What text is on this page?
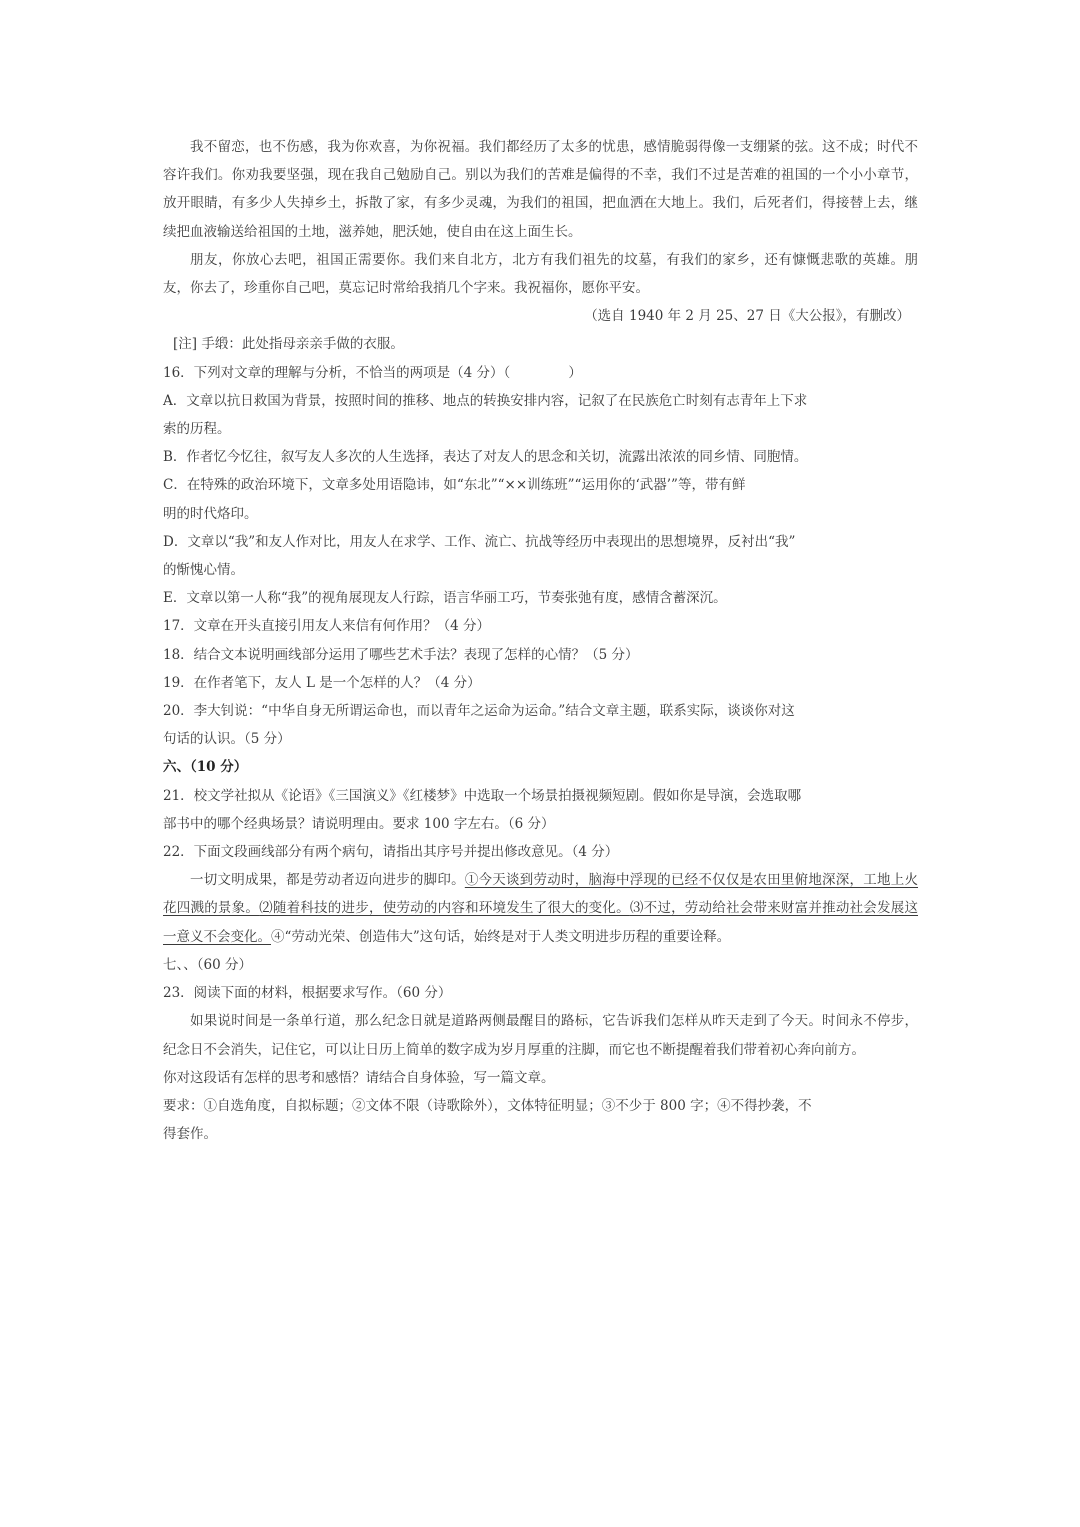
我不留恋，也不伤感，我为你欢喜，为你祝福。我们都经历了太多的忧患，感情脆弱得像一支绷紧的弦。这不成；时代不容许我们。你劝我要坚强，现在我自己勉励自己。别以为我们的苦难是偏得的不幸，我们不过是苦难的祖国的一个小小章节，放开眼睛，有多少人失掉乡土，拆散了家，有多少灵魂，为我们的祖国，把血洒在大地上。我们，后死者们，得接替上去，继续把血液输送给祖国的土地，滋养她，肥沃她，使自由在这上面生长。

朋友，你放心去吧，祖国正需要你。我们来自北方，北方有我们祖先的坟墓，有我们的家乡，还有慷慨悲歌的英雄。朋友，你去了，珍重你自己吧，莫忘记时常给我捎几个字来。我祝福你，愿你平安。

（选自 1940 年 2 月 25、27 日《大公报》，有删改）

[注] 手缎：此处指母亲亲手做的衣服。

16．下列对文章的理解与分析，不恰当的两项是（4 分）（	）

A．文章以抗日救国为背景，按照时间的推移、地点的转换安排内容，记叙了在民族危亡时刻有志青年上下求

索的历程。

B．作者忆今忆往，叙写友人多次的人生选择，表达了对友人的思念和关切，流露出浓浓的同乡情、同胞情。

C．在特殊的政治环境下，文章多处用语隐讳，如“东北”“××训练班”“运用你的‘武器’”等，带有鲜

明的时代烙印。

D．文章以“我”和友人作对比，用友人在求学、工作、流亡、抗战等经历中表现出的思想境界，反衬出“我”

的惭愧心情。

E．文章以第一人称“我”的视角展现友人行踪，语言华丽工巧，节奏张弛有度，感情含蓄深沉。

17．文章在开头直接引用友人来信有何作用？（4 分）

18．结合文本说明画线部分运用了哪些艺术手法？表现了怎样的心情？（5 分）

19．在作者笔下，友人 L 是一个怎样的人？（4 分）

20．李大钊说：“中华自身无所谓运命也，而以青年之运命为运命。”结合文章主题，联系实际，谈谈你对这

句话的认识。（5 分）

六、（10 分）

21．校文学社拟从《论语》《三国演义》《红楼梦》中选取一个场景拍摄视频短剧。假如你是导演，会选取哪

部书中的哪个经典场景？请说明理由。要求 100 字左右。（6 分）

22．下面文段画线部分有两个病句，请指出其序号并提出修改意见。（4 分）

一切文明成果，都是劳动者迈向进步的脚印。①今天谈到劳动时，脑海中浮现的已经不仅仅是农田里俯地深深，工地上火花四溅的景象。⑵随着科技的进步，使劳动的内容和环境发生了很大的变化。⑶不过，劳动给社会带来财富并推动社会发展这一意义不会变化。④“劳动光荣、创造伟大”这句话，始终是对于人类文明进步历程的重要诠释。

七、、（60 分）

23．阅读下面的材料，根据要求写作。（60 分）

如果说时间是一条单行道，那么纪念日就是道路两侧最醒目的路标，它告诉我们怎样从昨天走到了今天。时间永不停步，纪念日不会消失，记住它，可以让日历上简单的数字成为岁月厚重的注脚，而它也不断提醒着我们带着初心奔向前方。

你对这段话有怎样的思考和感悟？请结合自身体验，写一篇文章。

要求：①自选角度，自拟标题；②文体不限（诗歌除外），文体特征明显；③不少于 800 字；④不得抄袭，不

得套作。
